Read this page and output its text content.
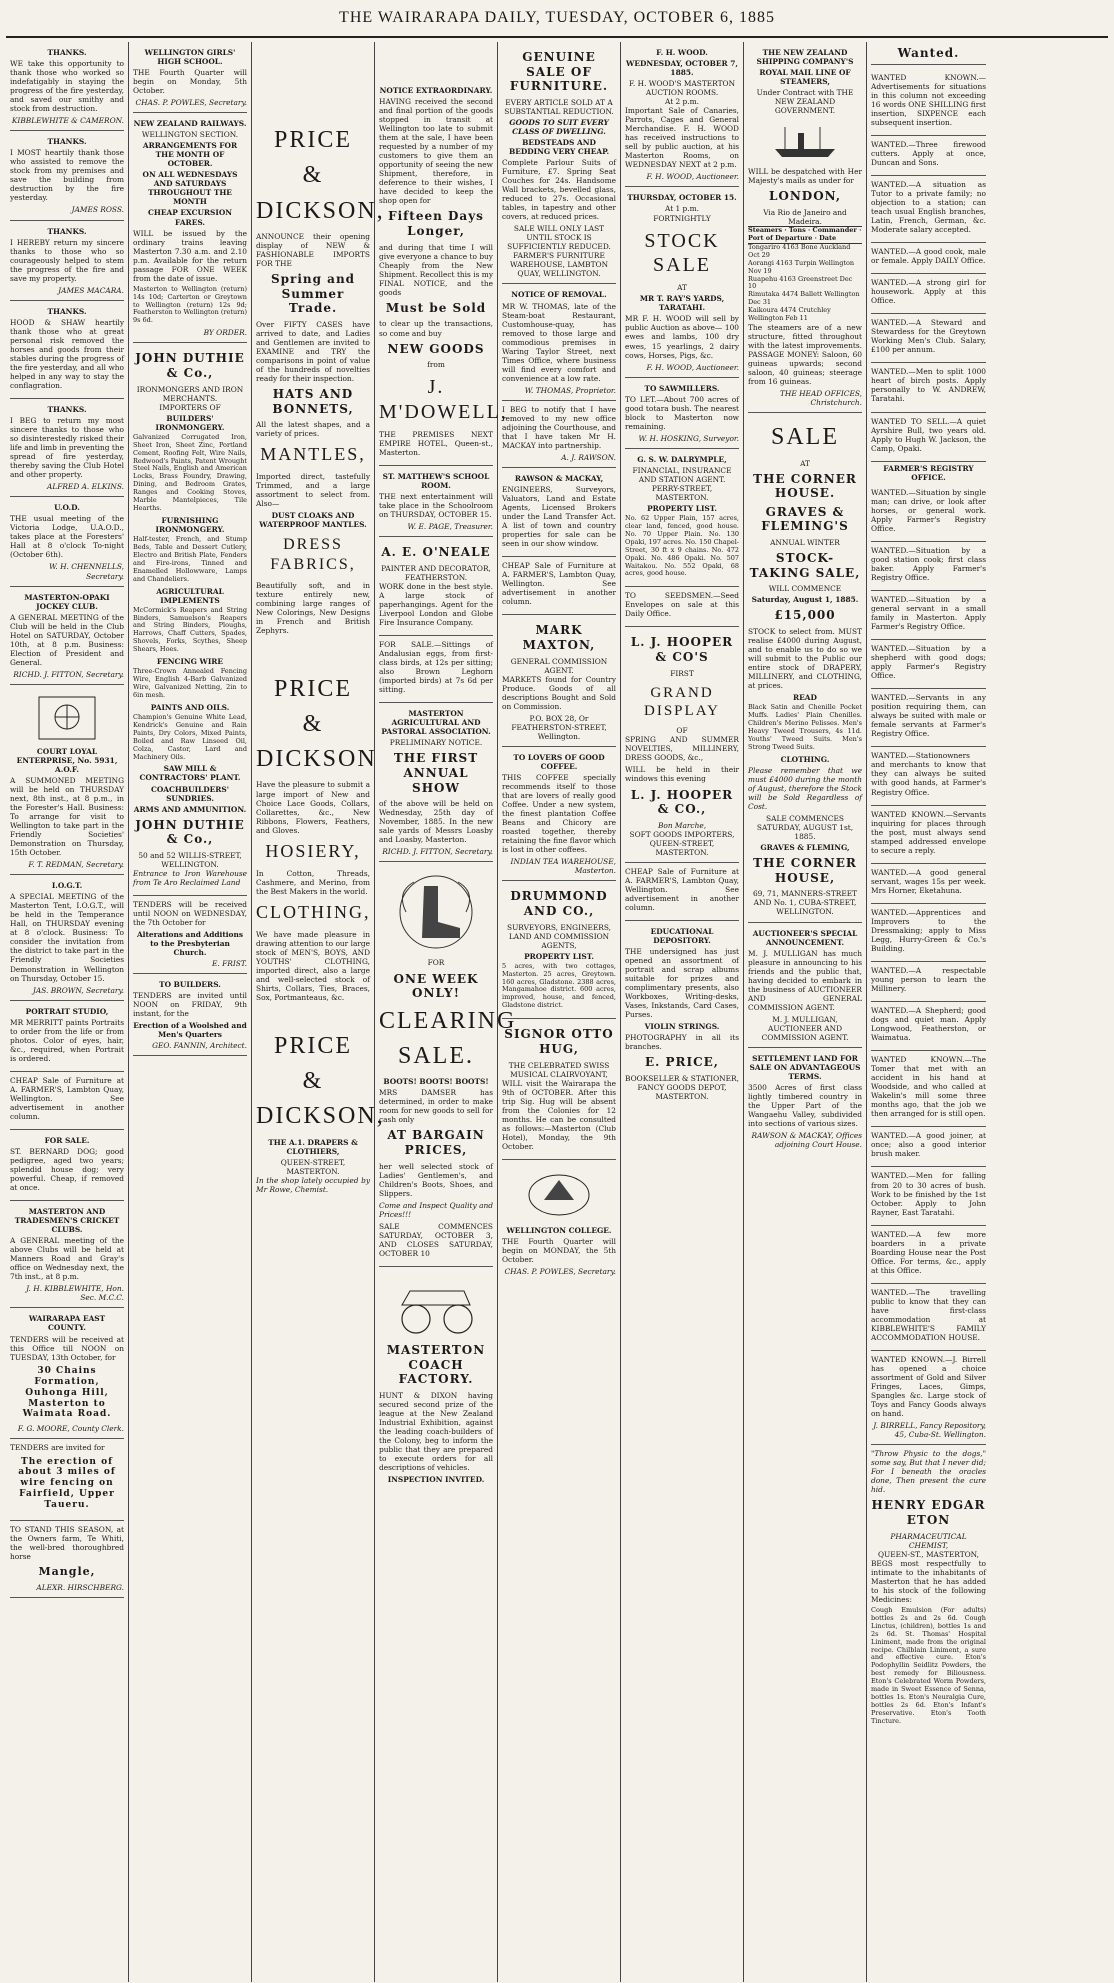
THE WAIRARAPA DAILY, TUESDAY, OCTOBER 6, 1885
THANKS.

WE take this opportunity to thank those who worked so indefatigably in staying the progress of the fire yesterday, and saved our smithy and stock from destruction.

KIBBLEWHITE & CAMERON.
THANKS.

I MOST heartily thank those who assisted to remove the stock from my premises and save the building from destruction by the fire yesterday.

JAMES ROSS.
THANKS.

I HEREBY return my sincere thanks to those who so courageously helped to stem the progress of the fire and save my property.

JAMES MACARA.
THANKS.

HOOD & SHAW heartily thank those who at great personal risk removed the horses and goods from their stables during the progress of the fire yesterday, and all who helped in any way to stay the conflagration.

THANKS.

I BEG to return my most sincere thanks to those who so disinterestedly risked their life and limb in preventing the spread of fire yesterday, thereby saving the Club Hotel and other property.

ALFRED A. ELKINS.
U.O.D.

THE usual meeting of the Victoria Lodge, U.A.O.D., takes place at the Foresters' Hall at 8 o'clock To-night (October 6th).

W. H. CHENNELLS, Secretary.
MASTERTON-OPAKI JOCKEY CLUB.

A GENERAL MEETING of the Club will be held in the Club Hotel on SATURDAY, October 10th, at 8 p.m. Business: Election of President and General.

RICHD. J. FITTON, Secretary.
COURT LOYAL ENTERPRISE, No. 5931, A.O.F.

A SUMMONED MEETING will be held on THURSDAY next, 8th inst., at 8 p.m., in the Forester's Hall. Business: To arrange for visit to Wellington to take part in the Friendly Societies' Demonstration on Thursday, 15th October.

F. T. REDMAN, Secretary.
I.O.G.T.

A SPECIAL MEETING of the Masterton Tent, I.O.G.T., will be held in the Temperance Hall, on THURSDAY evening at 8 o'clock. Business: To consider the invitation from the district to take part in the Friendly Societies Demonstration in Wellington on Thursday, October 15.

JAS. BROWN, Secretary.
PORTRAIT STUDIO,

MR MERRITT paints Portraits to order from the life or from photos. Color of eyes, hair, &c., required, when Portrait is ordered.

CHEAP Sale of Furniture at A. FARMER'S, Lambton Quay, Wellington. See advertisement in another column.

FOR SALE.

ST. BERNARD DOG; good pedigree, aged two years; splendid house dog; very powerful. Cheap, if removed at once.

MASTERTON AND TRADESMEN'S CRICKET CLUBS.

A GENERAL meeting of the above Clubs will be held at Manners Road and Gray's office on Wednesday next, the 7th inst., at 8 p.m.

J. H. KIBBLEWHITE, Hon. Sec. M.C.C.
WAIRARAPA EAST COUNTY.

TENDERS will be received at this Office till NOON on TUESDAY, 13th October, for

30 Chains Formation, Ouhonga Hill, Masterton to Waimata Road.
F. G. MOORE, County Clerk.

TENDERS are invited for

The erection of about 3 miles of wire fencing on Fairfield, Upper Taueru.

TO STAND THIS SEASON, at the Owners farm, Te Whiti, the well-bred thoroughbred horse

Mangle,
ALEXR. HIRSCHBERG.
WELLINGTON GIRLS' HIGH SCHOOL.

THE Fourth Quarter will begin on Monday, 5th October.

CHAS. P. POWLES, Secretary.
NEW ZEALAND RAILWAYS.
WELLINGTON SECTION.
ARRANGEMENTS FOR THE MONTH OF OCTOBER.
ON ALL WEDNESDAYS AND SATURDAYS THROUGHOUT THE MONTH
CHEAP EXCURSION FARES.

WILL be issued by the ordinary trains leaving Masterton 7.30 a.m. and 2.10 p.m. Available for the return passage FOR ONE WEEK from the date of issue.

Masterton to Wellington (return) 14s 10d; Carterton or Greytown to Wellington (return) 12s 9d; Featherston to Wellington (return) 9s 6d.

BY ORDER.
JOHN DUTHIE & Co.,
IRONMONGERS AND IRON MERCHANTS.
IMPORTERS OF
BUILDERS' IRONMONGERY.

Galvanized Corrugated Iron, Sheet Iron, Sheet Zinc, Portland Cement, Roofing Felt, Wire Nails, Redwood's Paints, Patent Wrought Steel Nails, English and American Locks, Brass Foundry, Drawing, Dining, and Bedroom Grates, Ranges and Cooking Stoves, Marble Mantelpieces, Tile Hearths.

FURNISHING IRONMONGERY.

Half-tester, French, and Stump Beds, Table and Dessert Cutlery, Electro and British Plate, Fenders and Fire-irons, Tinned and Enamelled Hollowware, Lamps and Chandeliers.

AGRICULTURAL IMPLEMENTS

McCormick's Reapers and String Binders, Samuelson's Reapers and String Binders, Ploughs, Harrows, Chaff Cutters, Spades, Shovels, Forks, Scythes, Sheep Shears, Hoes.

FENCING WIRE

Three-Crown Annealed Fencing Wire, English 4-Barb Galvanized Wire, Galvanized Netting, 2in to 6in mesh.

PAINTS AND OILS.

Champion's Genuine White Lead, Kendrick's Genuine and Rain Paints, Dry Colors, Mixed Paints, Boiled and Raw Linseed Oil, Colza, Castor, Lard and Machinery Oils.

SAW MILL & CONTRACTORS' PLANT.
COACHBUILDERS' SUNDRIES.
ARMS AND AMMUNITION.
JOHN DUTHIE & Co.,
50 and 52 WILLIS-STREET, WELLINGTON.

Entrance to Iron Warehouse from Te Aro Reclaimed Land

TENDERS will be received until NOON on WEDNESDAY, the 7th October for

Alterations and Additions to the Presbyterian Church.
E. FRIST.
TO BUILDERS.

TENDERS are invited until NOON on FRIDAY, 9th instant, for the

Erection of a Woolshed and Men's Quarters
GEO. FANNIN, Architect.
PRICE
&
DICKSON,

ANNOUNCE their opening display of NEW & FASHIONABLE IMPORTS FOR THE

Spring and Summer Trade.

Over FIFTY CASES have arrived to date, and Ladies and Gentlemen are invited to EXAMINE and TRY the comparisons in point of value of the hundreds of novelties ready for their inspection.

HATS AND BONNETS,

All the latest shapes, and a variety of prices.

MANTLES,

Imported direct, tastefully Trimmed, and a large assortment to select from. Also—

DUST CLOAKS AND WATERPROOF MANTLES.
DRESS FABRICS,

Beautifully soft, and in texture entirely new, combining large ranges of New Colorings, New Designs in French and British Zephyrs.

PRICE
&
DICKSON

Have the pleasure to submit a large import of New and Choice Lace Goods, Collars, Collarettes, &c., New Ribbons, Flowers, Feathers, and Gloves.

HOSIERY,

In Cotton, Threads, Cashmere, and Merino, from the Best Makers in the world.

CLOTHING,

We have made pleasure in drawing attention to our large stock of MEN'S, BOYS, AND YOUTHS' CLOTHING, imported direct, also a large and well-selected stock of Shirts, Collars, Ties, Braces, Sox, Portmanteaus, &c.

PRICE
&
DICKSON,
THE A.1. DRAPERS & CLOTHIERS,
QUEEN-STREET, MASTERTON.

In the shop lately occupied by Mr Rowe, Chemist.

NOTICE EXTRAORDINARY.

HAVING received the second and final portion of the goods stopped in transit at Wellington too late to submit them at the sale, I have been requested by a number of my customers to give them an opportunity of seeing the new Shipment, therefore, in deference to their wishes, I have decided to keep the shop open for

Fifteen Days Longer,

and during that time I will give everyone a chance to buy Cheaply from the New Shipment. Recollect this is my FINAL NOTICE, and the goods

Must be Sold

to clear up the transactions, so come and buy

NEW GOODS
from
J. M'DOWELL,

THE PREMISES NEXT EMPIRE HOTEL, Queen-st., Masterton.

ST. MATTHEW'S SCHOOL ROOM.

THE next entertainment will take place in the Schoolroom on THURSDAY, OCTOBER 15.

W. E. PAGE, Treasurer.
A. E. O'NEALE
PAINTER AND DECORATOR, FEATHERSTON.

WORK done in the best style. A large stock of paperhangings. Agent for the Liverpool London and Globe Fire Insurance Company.

FOR SALE.—Sittings of Andalusian eggs, from first-class birds, at 12s per sitting; also Brown Leghorn (imported birds) at 7s 6d per sitting.

MASTERTON AGRICULTURAL AND PASTORAL ASSOCIATION.
PRELIMINARY NOTICE.
THE FIRST ANNUAL SHOW

of the above will be held on Wednesday, 25th day of November, 1885. In the new sale yards of Messrs Loasby and Loasby, Masterton.

RICHD. J. FITTON, Secretary.
FOR
ONE WEEK ONLY!
CLEARING
SALE.
BOOTS! BOOTS! BOOTS!

MRS DAMSER has determined, in order to make room for new goods to sell for cash only

AT BARGAIN PRICES,

her well selected stock of Ladies' Gentlemen's, and Children's Boots, Shoes, and Slippers.

Come and Inspect Quality and Prices!!!

SALE COMMENCES SATURDAY, OCTOBER 3, AND CLOSES SATURDAY, OCTOBER 10

MASTERTON COACH FACTORY.

HUNT & DIXON having secured second prize of the league at the New Zealand Industrial Exhibition, against the leading coach-builders of the Colony, beg to inform the public that they are prepared to execute orders for all descriptions of vehicles.

INSPECTION INVITED.
GENUINE SALE OF FURNITURE.
EVERY ARTICLE SOLD AT A SUBSTANTIAL REDUCTION.
GOODS TO SUIT EVERY CLASS OF DWELLING.
BEDSTEADS AND BEDDING VERY CHEAP.

Complete Parlour Suits of Furniture, £7. Spring Seat Couches for 24s. Handsome Wall brackets, bevelled glass, reduced to 27s. Occasional tables, in tapestry and other covers, at reduced prices.

SALE WILL ONLY LAST UNTIL STOCK IS SUFFICIENTLY REDUCED.
FARMER'S FURNITURE WAREHOUSE, LAMBTON QUAY, WELLINGTON.
NOTICE OF REMOVAL.

MR W. THOMAS, late of the Steam-boat Restaurant, Customhouse-quay, has removed to those large and commodious premises in Waring Taylor Street, next Times Office, where business will find every comfort and convenience at a low rate.

W. THOMAS, Proprietor.

I BEG to notify that I have removed to my new office adjoining the Courthouse, and that I have taken Mr H. MACKAY into partnership.

A. J. RAWSON.
RAWSON & MACKAY,

ENGINEERS, Surveyors, Valuators, Land and Estate Agents, Licensed Brokers under the Land Transfer Act. A list of town and country properties for sale can be seen in our show window.

CHEAP Sale of Furniture at A. FARMER'S, Lambton Quay, Wellington. See advertisement in another column.

MARK MAXTON,
GENERAL COMMISSION AGENT.

MARKETS found for Country Produce. Goods of all descriptions Bought and Sold on Commission.

P.O. BOX 28, Or FEATHERSTON-STREET, Wellington.
TO LOVERS OF GOOD COFFEE.

THIS COFFEE specially recommends itself to those that are lovers of really good Coffee. Under a new system, the finest plantation Coffee Beans and Chicory are roasted together, thereby retaining the fine flavor which is lost in other coffees.

INDIAN TEA WAREHOUSE, Masterton.
DRUMMOND AND CO.,
SURVEYORS, ENGINEERS, LAND AND COMMISSION AGENTS,
PROPERTY LIST.

5 acres, with two cottages, Masterton. 25 acres, Greytown. 160 acres, Gladstone. 2388 acres, Mangamahoe district. 600 acres, improved, house, and fenced, Gladstone district.

SIGNOR OTTO HUG,
THE CELEBRATED SWISS MUSICAL CLAIRVOYANT,

WILL visit the Wairarapa the 9th of OCTOBER. After this trip Sig. Hug will be absent from the Colonies for 12 months. He can be consulted as follows:—Masterton (Club Hotel), Monday, the 9th October.

WELLINGTON COLLEGE.

THE Fourth Quarter will begin on MONDAY, the 5th October.

CHAS. P. POWLES, Secretary.
F. H. WOOD.
WEDNESDAY, OCTOBER 7, 1885.
F. H. WOOD'S MASTERTON AUCTION ROOMS.
At 2 p.m.

Important Sale of Canaries, Parrots, Cages and General Merchandise. F. H. WOOD has received instructions to sell by public auction, at his Masterton Rooms, on WEDNESDAY NEXT at 2 p.m.

F. H. WOOD, Auctioneer.
THURSDAY, OCTOBER 15.
At 1 p.m.
FORTNIGHTLY
STOCK SALE
AT
MR T. RAY'S YARDS, TARATAHI.

MR F. H. WOOD will sell by public Auction as above— 100 ewes and lambs, 100 dry ewes, 15 yearlings, 2 dairy cows, Horses, Pigs, &c.

F. H. WOOD, Auctioneer.
TO SAWMILLERS.

TO LET.—About 700 acres of good totara bush. The nearest block to Masterton now remaining.

W. H. HOSKING, Surveyor.
G. S. W. DALRYMPLE,
FINANCIAL, INSURANCE AND STATION AGENT.
PERRY-STREET, MASTERTON.
PROPERTY LIST.

No. 62 Upper Plain, 157 acres, clear land, fenced, good house. No. 70 Upper Plain. No. 130 Opaki, 197 acres. No. 150 Chapel-Street, 30 ft x 9 chains. No. 472 Opaki. No. 486 Opaki. No. 507 Waitakou. No. 552 Opaki, 68 acres, good house.

TO SEEDSMEN.—Seed Envelopes on sale at this Daily Office.

L. J. HOOPER & CO'S
FIRST
GRAND DISPLAY
OF

SPRING AND SUMMER NOVELTIES, MILLINERY, DRESS GOODS, &c.,

WILL be held in their windows this evening

L. J. HOOPER & CO.,
Bon Marche,
SOFT GOODS IMPORTERS,
QUEEN-STREET, MASTERTON.

CHEAP Sale of Furniture at A. FARMER'S, Lambton Quay, Wellington. See advertisement in another column.

EDUCATIONAL DEPOSITORY.

THE undersigned has just opened an assortment of portrait and scrap albums suitable for prizes and complimentary presents, also Workboxes, Writing-desks, Vases, Inkstands, Card Cases, Purses.

VIOLIN STRINGS.

PHOTOGRAPHY in all its branches.

E. PRICE,
BOOKSELLER & STATIONER, FANCY GOODS DEPOT, MASTERTON.
THE NEW ZEALAND SHIPPING COMPANY'S
ROYAL MAIL LINE OF STEAMERS,
Under Contract with THE NEW ZEALAND GOVERNMENT.

WILL be despatched with Her Majesty's mails as under for

LONDON,
Via Rio de Janeiro and Madeira.
Steamers · Tons · Commander · Port of Departure · Date
Tongariro 4163 Bone Auckland Oct 29
Aorangi 4163 Turpin Wellington Nov 19
Ruapehu 4163 Greenstreet Dec 10
Rimutaka 4474 Ballett Wellington Dec 31
Kaikoura 4474 Crutchley Wellington Feb 11

The steamers are of a new structure, fitted throughout with the latest improvements. PASSAGE MONEY: Saloon, 60 guineas upwards; second saloon, 40 guineas; steerage from 16 guineas.

THE HEAD OFFICES, Christchurch.
SALE
AT
THE CORNER HOUSE.
GRAVES & FLEMING'S
ANNUAL WINTER
STOCK-TAKING SALE,
WILL COMMENCE
Saturday, August 1, 1885.
£15,000

STOCK to select from. MUST realise £4000 during August, and to enable us to do so we will submit to the Public our entire stock of DRAPERY, MILLINERY, and CLOTHING, at prices.

READ

Black Satin and Chenille Pocket Muffs. Ladies' Plain Chenilles. Children's Merino Pelisses. Men's Heavy Tweed Trousers, 4s 11d. Youths' Tweed Suits. Men's Strong Tweed Suits.

CLOTHING.

Please remember that we must £4000 during the month of August, therefore the Stock will be Sold Regardless of Cost.

SALE COMMENCES SATURDAY, AUGUST 1st, 1885.
GRAVES & FLEMING,
THE CORNER HOUSE,
69, 71, MANNERS-STREET AND No. 1, CUBA-STREET, WELLINGTON.
AUCTIONEER'S SPECIAL ANNOUNCEMENT.

M. J. MULLIGAN has much pleasure in announcing to his friends and the public that, having decided to embark in the business of AUCTIONEER AND GENERAL COMMISSION AGENT.

M. J. MULLIGAN, AUCTIONEER AND COMMISSION AGENT.
SETTLEMENT LAND FOR SALE ON ADVANTAGEOUS TERMS.

3500 Acres of first class lightly timbered country in the Upper Part of the Wangaehu Valley, subdivided into sections of various sizes.

RAWSON & MACKAY, Offices adjoining Court House.
Wanted.

WANTED KNOWN.—Advertisements for situations in this column not exceeding 16 words ONE SHILLING first insertion, SIXPENCE each subsequent insertion.

WANTED.—Three firewood cutters. Apply at once, Duncan and Sons.

WANTED.—A situation as Tutor to a private family; no objection to a station; can teach usual English branches, Latin, French, German, &c. Moderate salary accepted.

WANTED.—A good cook, male or female. Apply DAILY Office.

WANTED.—A strong girl for housework. Apply at this Office.

WANTED.—A Steward and Stewardess for the Greytown Working Men's Club. Salary, £100 per annum.

WANTED.—Men to split 1000 heart of birch posts. Apply personally to W. ANDREW, Taratahi.

WANTED TO SELL.—A quiet Ayrshire Bull, two years old. Apply to Hugh W. Jackson, the Camp, Opaki.

FARMER'S REGISTRY OFFICE.

WANTED.—Situation by single man; can drive, or look after horses, or general work. Apply Farmer's Registry Office.

WANTED.—Situation by a good station cook; first class baker. Apply Farmer's Registry Office.

WANTED.—Situation by a general servant in a small family in Masterton. Apply Farmer's Registry Office.

WANTED.—Situation by a shepherd with good dogs; apply Farmer's Registry Office.

WANTED.—Servants in any position requiring them, can always be suited with male or female servants at Farmer's Registry Office.

WANTED.—Stationowners and merchants to know that they can always be suited with good hands, at Farmer's Registry Office.

WANTED KNOWN.—Servants inquiring for places through the post, must always send stamped addressed envelope to secure a reply.

WANTED.—A good general servant, wages 15s per week. Mrs Horner, Eketahuna.

WANTED.—Apprentices and Improvers to the Dressmaking; apply to Miss Legg, Hurry-Green & Co.'s Building.

WANTED.—A respectable young person to learn the Millinery.

WANTED.—A Shepherd; good dogs and quiet man. Apply Longwood, Featherston, or Waimatua.

WANTED KNOWN.—The Tomer that met with an accident in his hand at Woodside, and who called at Wakelin's mill some three months ago, that the job we then arranged for is still open.

WANTED.—A good joiner, at once; also a good interior brush maker.

WANTED.—Men for falling from 20 to 30 acres of bush. Work to be finished by the 1st October. Apply to John Rayner, East Taratahi.

WANTED.—A few more boarders in a private Boarding House near the Post Office. For terms, &c., apply at this Office.

WANTED.—The travelling public to know that they can have first-class accommodation at KIBBLEWHITE'S FAMILY ACCOMMODATION HOUSE.

WANTED KNOWN.—J. Birrell has opened a choice assortment of Gold and Silver Fringes, Laces, Gimps, Spangles &c. Large stock of Toys and Fancy Goods always on hand.

J. BIRRELL, Fancy Repository, 45, Cuba-St. Wellington.

"Throw Physic to the dogs," some say, But that I never did; For I beneath the oracles done, Then present the cure hid.

HENRY EDGAR ETON
PHARMACEUTICAL CHEMIST,
QUEEN-ST., MASTERTON,

BEGS most respectfully to intimate to the inhabitants of Masterton that he has added to his stock of the following Medicines:

Cough Emulsion (For adults) bottles 2s and 2s 6d. Cough Linctus, (children), bottles 1s and 2s 6d. St. Thomas' Hospital Liniment, made from the original recipe. Chilblain Liniment, a sure and effective cure. Eton's Podophyllin Seidlitz Powders, the best remedy for Biliousness. Eton's Celebrated Worm Powders, made in Sweet Essence of Senna, bottles 1s. Eton's Neuralgia Cure, bottles 2s 6d. Eton's Infant's Preservative. Eton's Tooth Tincture.
